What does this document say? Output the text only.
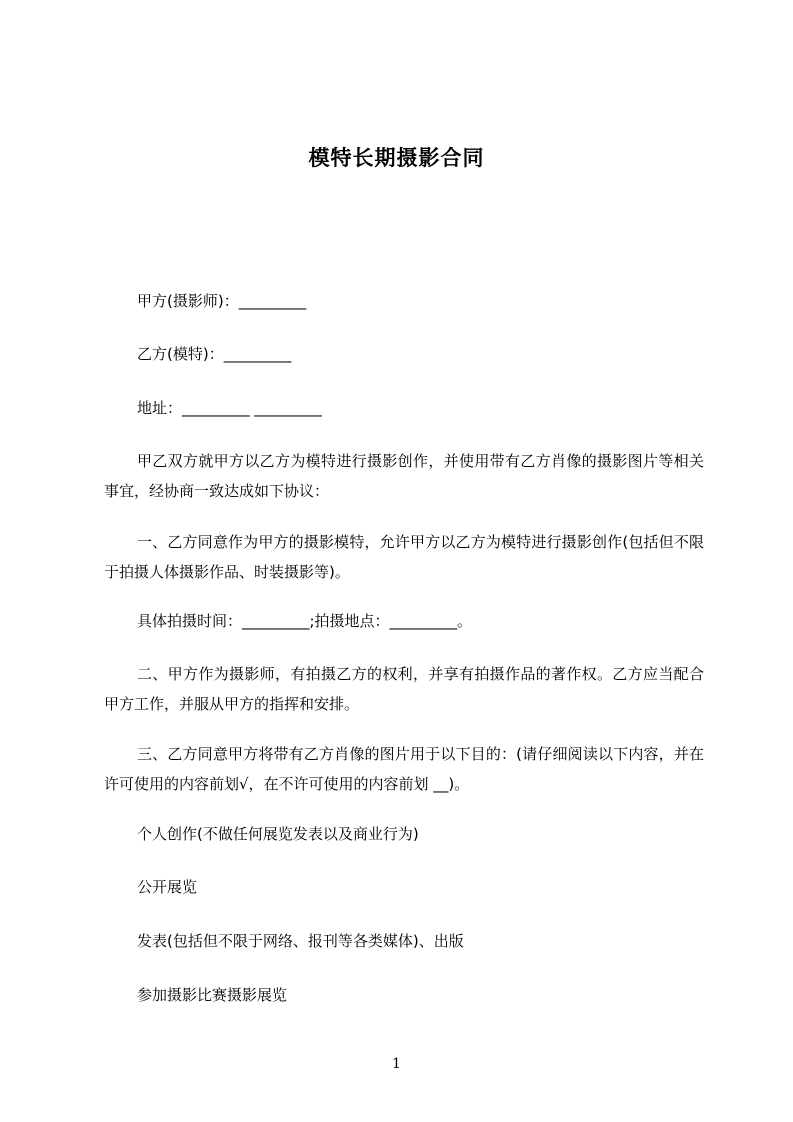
模特长期摄影合同
甲方(摄影师)：_________
乙方(模特)：_________
地址：_________ _________
甲乙双方就甲方以乙方为模特进行摄影创作，并使用带有乙方肖像的摄影图片等相关事宜，经协商一致达成如下协议：
一、乙方同意作为甲方的摄影模特，允许甲方以乙方为模特进行摄影创作(包括但不限于拍摄人体摄影作品、时装摄影等)。
具体拍摄时间：_________;拍摄地点：_________。
二、甲方作为摄影师，有拍摄乙方的权利，并享有拍摄作品的著作权。乙方应当配合甲方工作，并服从甲方的指挥和安排。
三、乙方同意甲方将带有乙方肖像的图片用于以下目的：(请仔细阅读以下内容，并在许可使用的内容前划√，在不许可使用的内容前划 __)。
个人创作(不做任何展览发表以及商业行为)
公开展览
发表(包括但不限于网络、报刊等各类媒体)、出版
参加摄影比赛摄影展览
1
